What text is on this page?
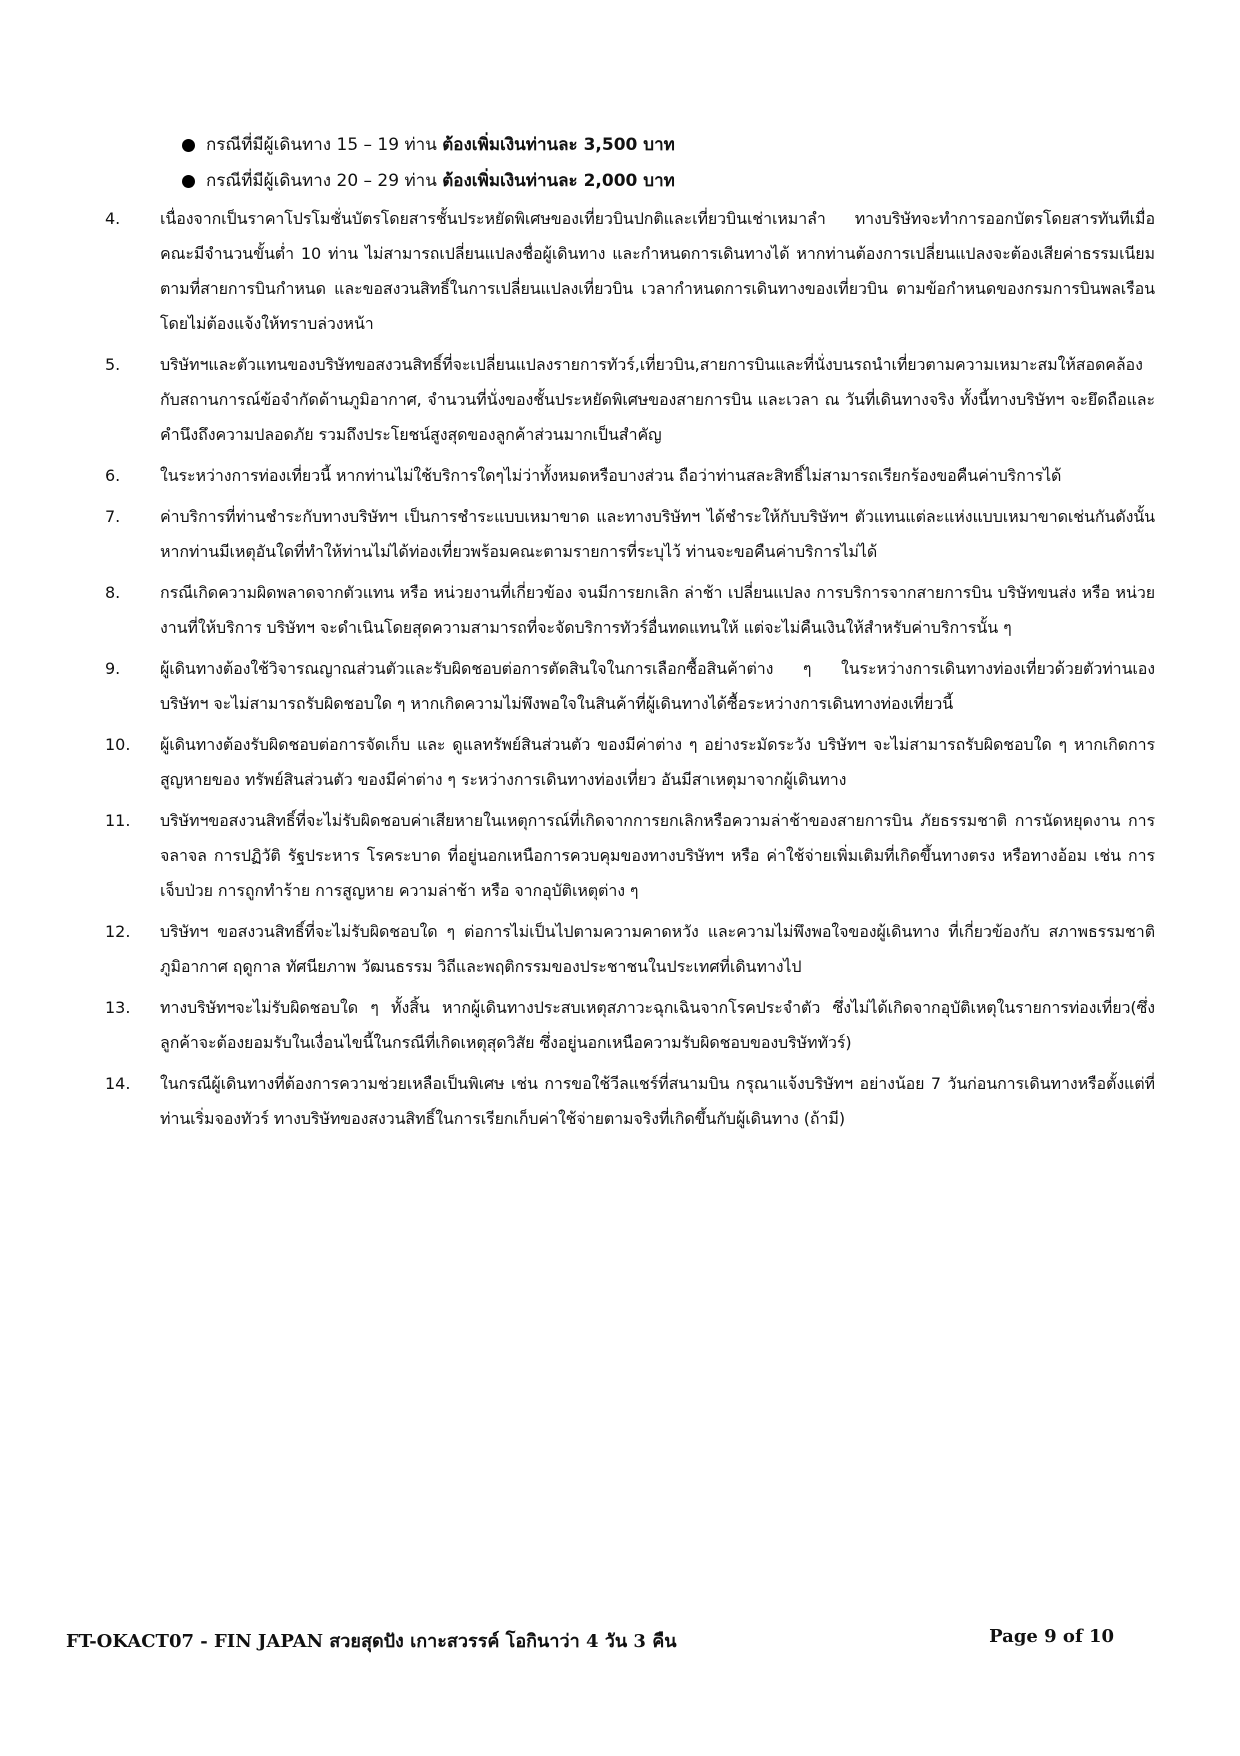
กรณีที่มีผู้เดินทาง 15 – 19 ท่าน ต้องเพิ่มเงินท่านละ 3,500 บาท
กรณีที่มีผู้เดินทาง 20 – 29 ท่าน ต้องเพิ่มเงินท่านละ 2,000 บาท
4.	เนื่องจากเป็นราคาโปรโมชั่นบัตรโดยสารชั้นประหยัดพิเศษของเที่ยวบินปกติและเที่ยวบินเช่าเหมาลำ ทางบริษัทจะทำการออกบัตรโดยสารทันทีเมื่อคณะมีจำนวนขั้นต่ำ 10 ท่าน ไม่สามารถเปลี่ยนแปลงชื่อผู้เดินทาง และกำหนดการเดินทางได้ หากท่านต้องการเปลี่ยนแปลงจะต้องเสียค่าธรรมเนียมตามที่สายการบินกำหนด และขอสงวนสิทธิ์ในการเปลี่ยนแปลงเที่ยวบิน เวลากำหนดการเดินทางของเที่ยวบิน ตามข้อกำหนดของกรมการบินพลเรือนโดยไม่ต้องแจ้งให้ทราบล่วงหน้า
5.	บริษัทฯและตัวแทนของบริษัทขอสงวนสิทธิ์ที่จะเปลี่ยนแปลงรายการทัวร์,เที่ยวบิน,สายการบินและที่นั่งบนรถนำเที่ยวตามความเหมาะสมให้สอดคล้องกับสถานการณ์ข้อจำกัดด้านภูมิอากาศ, จำนวนที่นั่งของชั้นประหยัดพิเศษของสายการบิน และเวลา ณ วันที่เดินทางจริง ทั้งนี้ทางบริษัทฯ จะยึดถือและคำนึงถึงความปลอดภัย รวมถึงประโยชน์สูงสุดของลูกค้าส่วนมากเป็นสำคัญ
6.	ในระหว่างการท่องเที่ยวนี้ หากท่านไม่ใช้บริการใดๆไม่ว่าทั้งหมดหรือบางส่วน ถือว่าท่านสละสิทธิ์ไม่สามารถเรียกร้องขอคืนค่าบริการได้
7.	ค่าบริการที่ท่านชำระกับทางบริษัทฯ เป็นการชำระแบบเหมาขาด และทางบริษัทฯ ได้ชำระให้กับบริษัทฯ ตัวแทนแต่ละแห่งแบบเหมาขาดเช่นกันดังนั้นหากท่านมีเหตุอันใดที่ทำให้ท่านไม่ได้ท่องเที่ยวพร้อมคณะตามรายการที่ระบุไว้ ท่านจะขอคืนค่าบริการไม่ได้
8.	กรณีเกิดความผิดพลาดจากตัวแทน หรือ หน่วยงานที่เกี่ยวข้อง จนมีการยกเลิก ล่าช้า เปลี่ยนแปลง การบริการจากสายการบิน บริษัทขนส่ง หรือ หน่วยงานที่ให้บริการ บริษัทฯ จะดำเนินโดยสุดความสามารถที่จะจัดบริการทัวร์อื่นทดแทนให้ แต่จะไม่คืนเงินให้สำหรับค่าบริการนั้น ๆ
9.	ผู้เดินทางต้องใช้วิจารณญาณส่วนตัวและรับผิดชอบต่อการตัดสินใจในการเลือกซื้อสินค้าต่าง ๆ ในระหว่างการเดินทางท่องเที่ยวด้วยตัวท่านเอง บริษัทฯ จะไม่สามารถรับผิดชอบใด ๆ หากเกิดความไม่พึงพอใจในสินค้าที่ผู้เดินทางได้ซื้อระหว่างการเดินทางท่องเที่ยวนี้
10.	ผู้เดินทางต้องรับผิดชอบต่อการจัดเก็บ และ ดูแลทรัพย์สินส่วนตัว ของมีค่าต่าง ๆ อย่างระมัดระวัง บริษัทฯ จะไม่สามารถรับผิดชอบใด ๆ หากเกิดการสูญหายของ ทรัพย์สินส่วนตัว ของมีค่าต่าง ๆ ระหว่างการเดินทางท่องเที่ยว อันมีสาเหตุมาจากผู้เดินทาง
11.	บริษัทฯขอสงวนสิทธิ์ที่จะไม่รับผิดชอบค่าเสียหายในเหตุการณ์ที่เกิดจากการยกเลิกหรือความล่าช้าของสายการบิน ภัยธรรมชาติ การนัดหยุดงาน การจลาจล การปฏิวัติ รัฐประหาร โรคระบาด ที่อยู่นอกเหนือการควบคุมของทางบริษัทฯ หรือ ค่าใช้จ่ายเพิ่มเติมที่เกิดขึ้นทางตรง หรือทางอ้อม เช่น การเจ็บป่วย การถูกทำร้าย การสูญหาย ความล่าช้า หรือ จากอุบัติเหตุต่าง ๆ
12.	บริษัทฯ ขอสงวนสิทธิ์ที่จะไม่รับผิดชอบใด ๆ ต่อการไม่เป็นไปตามความคาดหวัง และความไม่พึงพอใจของผู้เดินทาง ที่เกี่ยวข้องกับ สภาพธรรมชาติ ภูมิอากาศ ฤดูกาล ทัศนียภาพ วัฒนธรรม วิถีและพฤติกรรมของประชาชนในประเทศที่เดินทางไป
13.	ทางบริษัทฯจะไม่รับผิดชอบใด ๆ ทั้งสิ้น หากผู้เดินทางประสบเหตุสภาวะฉุกเฉินจากโรคประจำตัว ซึ่งไม่ได้เกิดจากอุบัติเหตุในรายการท่องเที่ยว(ซึ่งลูกค้าจะต้องยอมรับในเงื่อนไขนี้ในกรณีที่เกิดเหตุสุดวิสัย ซึ่งอยู่นอกเหนือความรับผิดชอบของบริษัททัวร์)
14.	ในกรณีผู้เดินทางที่ต้องการความช่วยเหลือเป็นพิเศษ เช่น การขอใช้วีลแชร์ที่สนามบิน กรุณาแจ้งบริษัทฯ อย่างน้อย 7 วันก่อนการเดินทางหรือตั้งแต่ที่ท่านเริ่มจองทัวร์ ทางบริษัทของสงวนสิทธิ์ในการเรียกเก็บค่าใช้จ่ายตามจริงที่เกิดขึ้นกับผู้เดินทาง (ถ้ามี)
FT-OKACT07 - FIN JAPAN สวยสุดปัง เกาะสวรรค์ โอกินาว่า 4 วัน 3 คืน	Page 9 of 10
